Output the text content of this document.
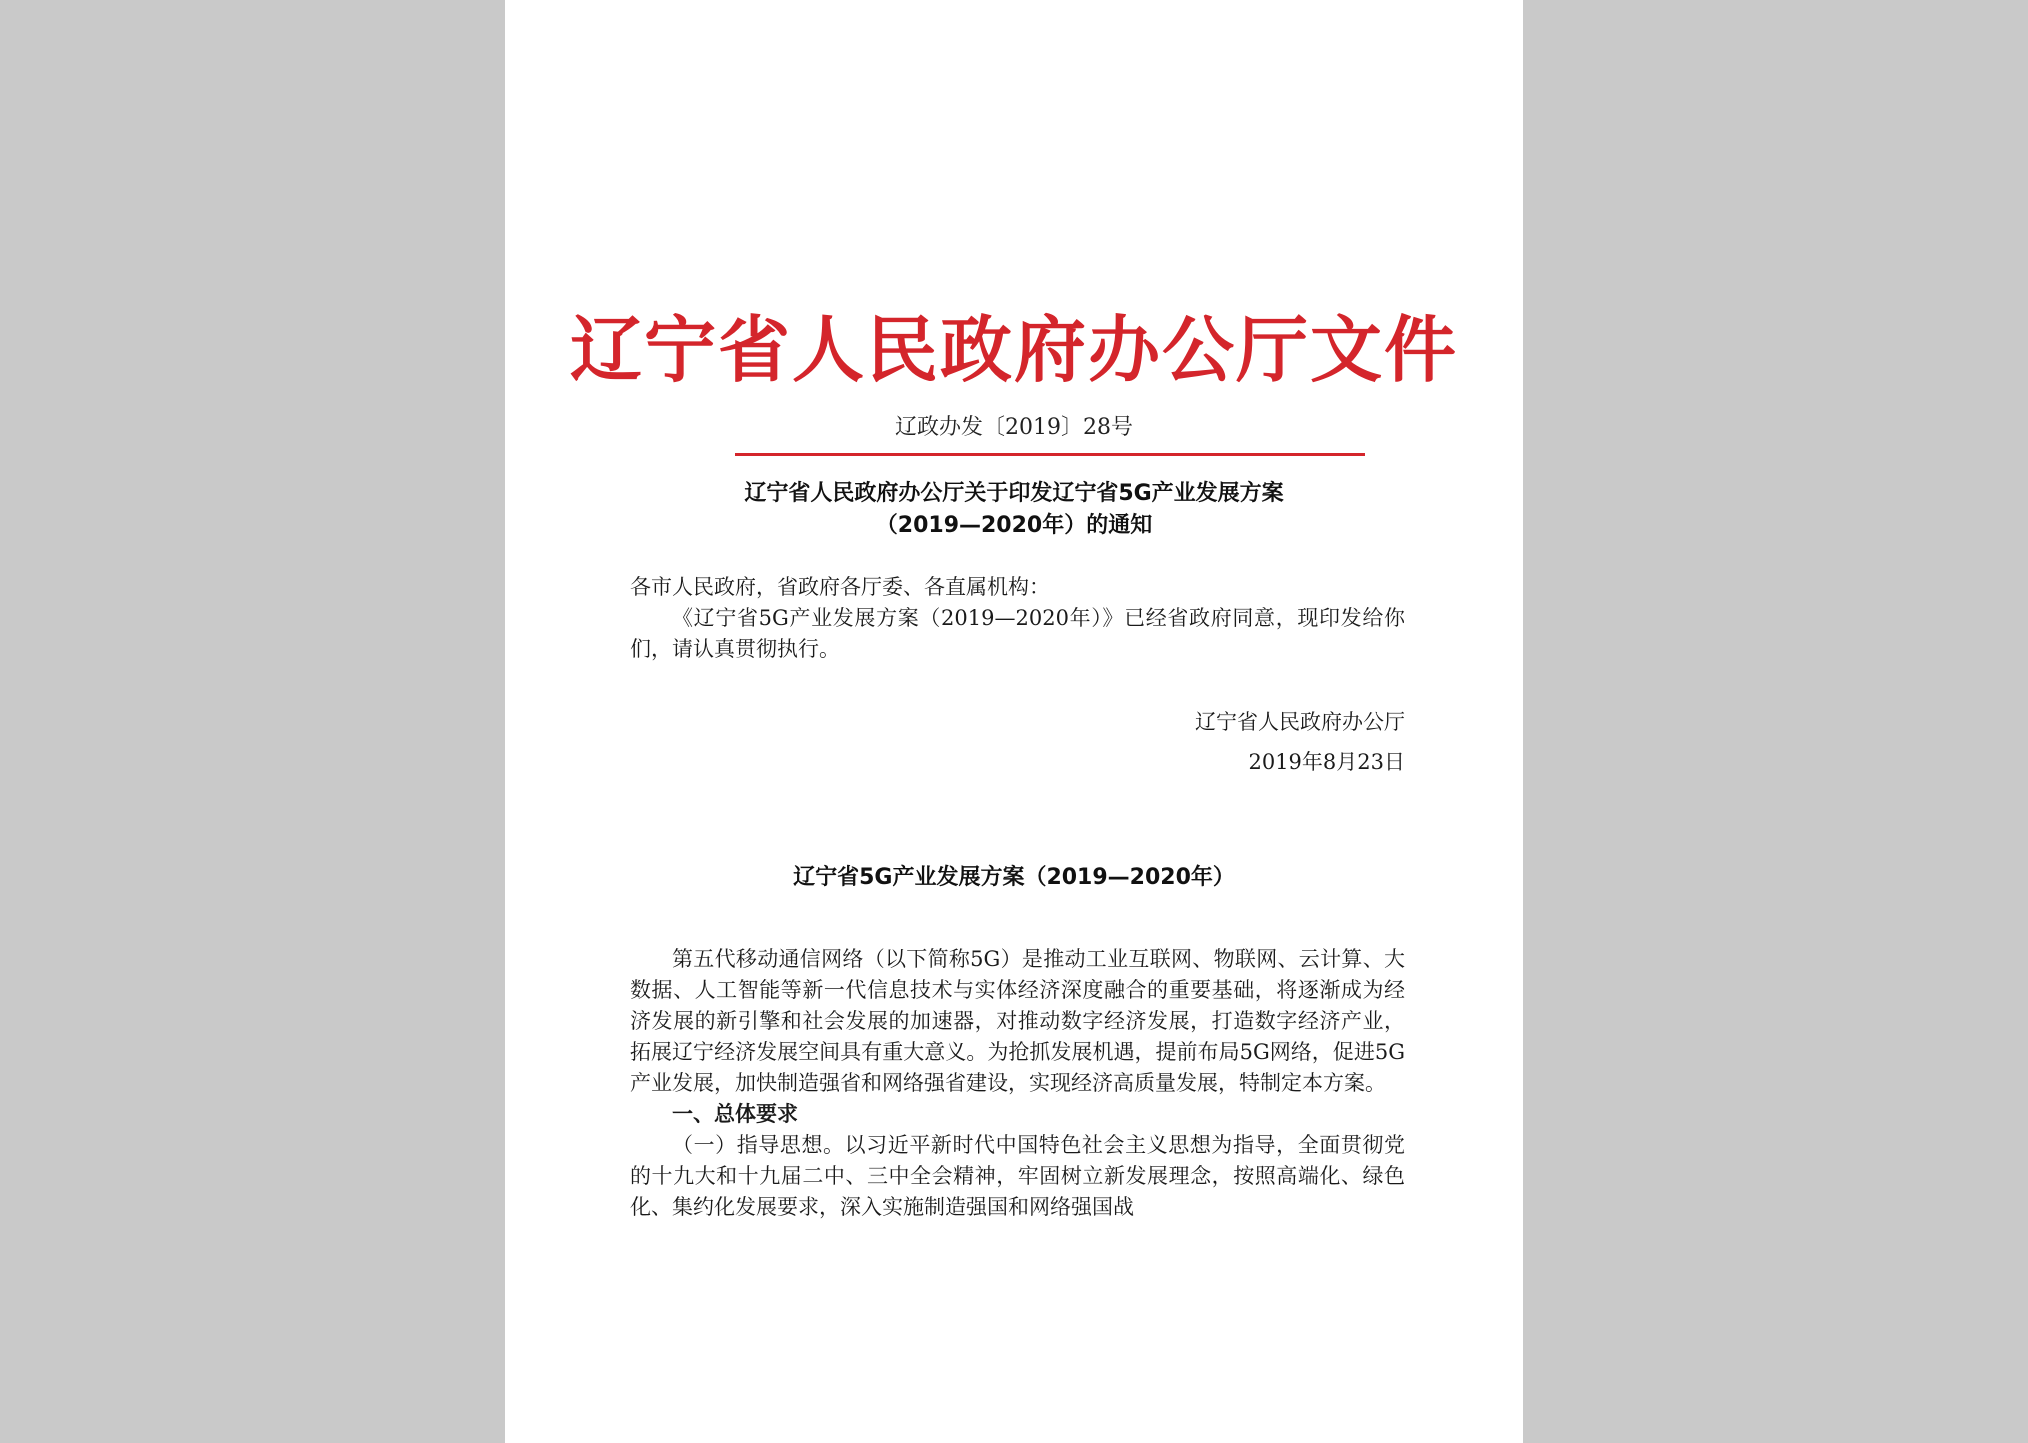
辽宁省人民政府办公厅文件
辽政办发〔2019〕28号
辽宁省人民政府办公厅关于印发辽宁省5G产业发展方案
（2019—2020年）的通知

各市人民政府，省政府各厅委、各直属机构：

《辽宁省5G产业发展方案（2019—2020年）》已经省政府同意，现印发给你们，请认真贯彻执行。

辽宁省人民政府办公厅
2019年8月23日
辽宁省5G产业发展方案（2019—2020年）

第五代移动通信网络（以下简称5G）是推动工业互联网、物联网、云计算、大数据、人工智能等新一代信息技术与实体经济深度融合的重要基础，将逐渐成为经济发展的新引擎和社会发展的加速器，对推动数字经济发展，打造数字经济产业，拓展辽宁经济发展空间具有重大意义。为抢抓发展机遇，提前布局5G网络，促进5G产业发展，加快制造强省和网络强省建设，实现经济高质量发展，特制定本方案。

一、总体要求

（一）指导思想。以习近平新时代中国特色社会主义思想为指导，全面贯彻党的十九大和十九届二中、三中全会精神，牢固树立新发展理念，按照高端化、绿色化、集约化发展要求，深入实施制造强国和网络强国战
